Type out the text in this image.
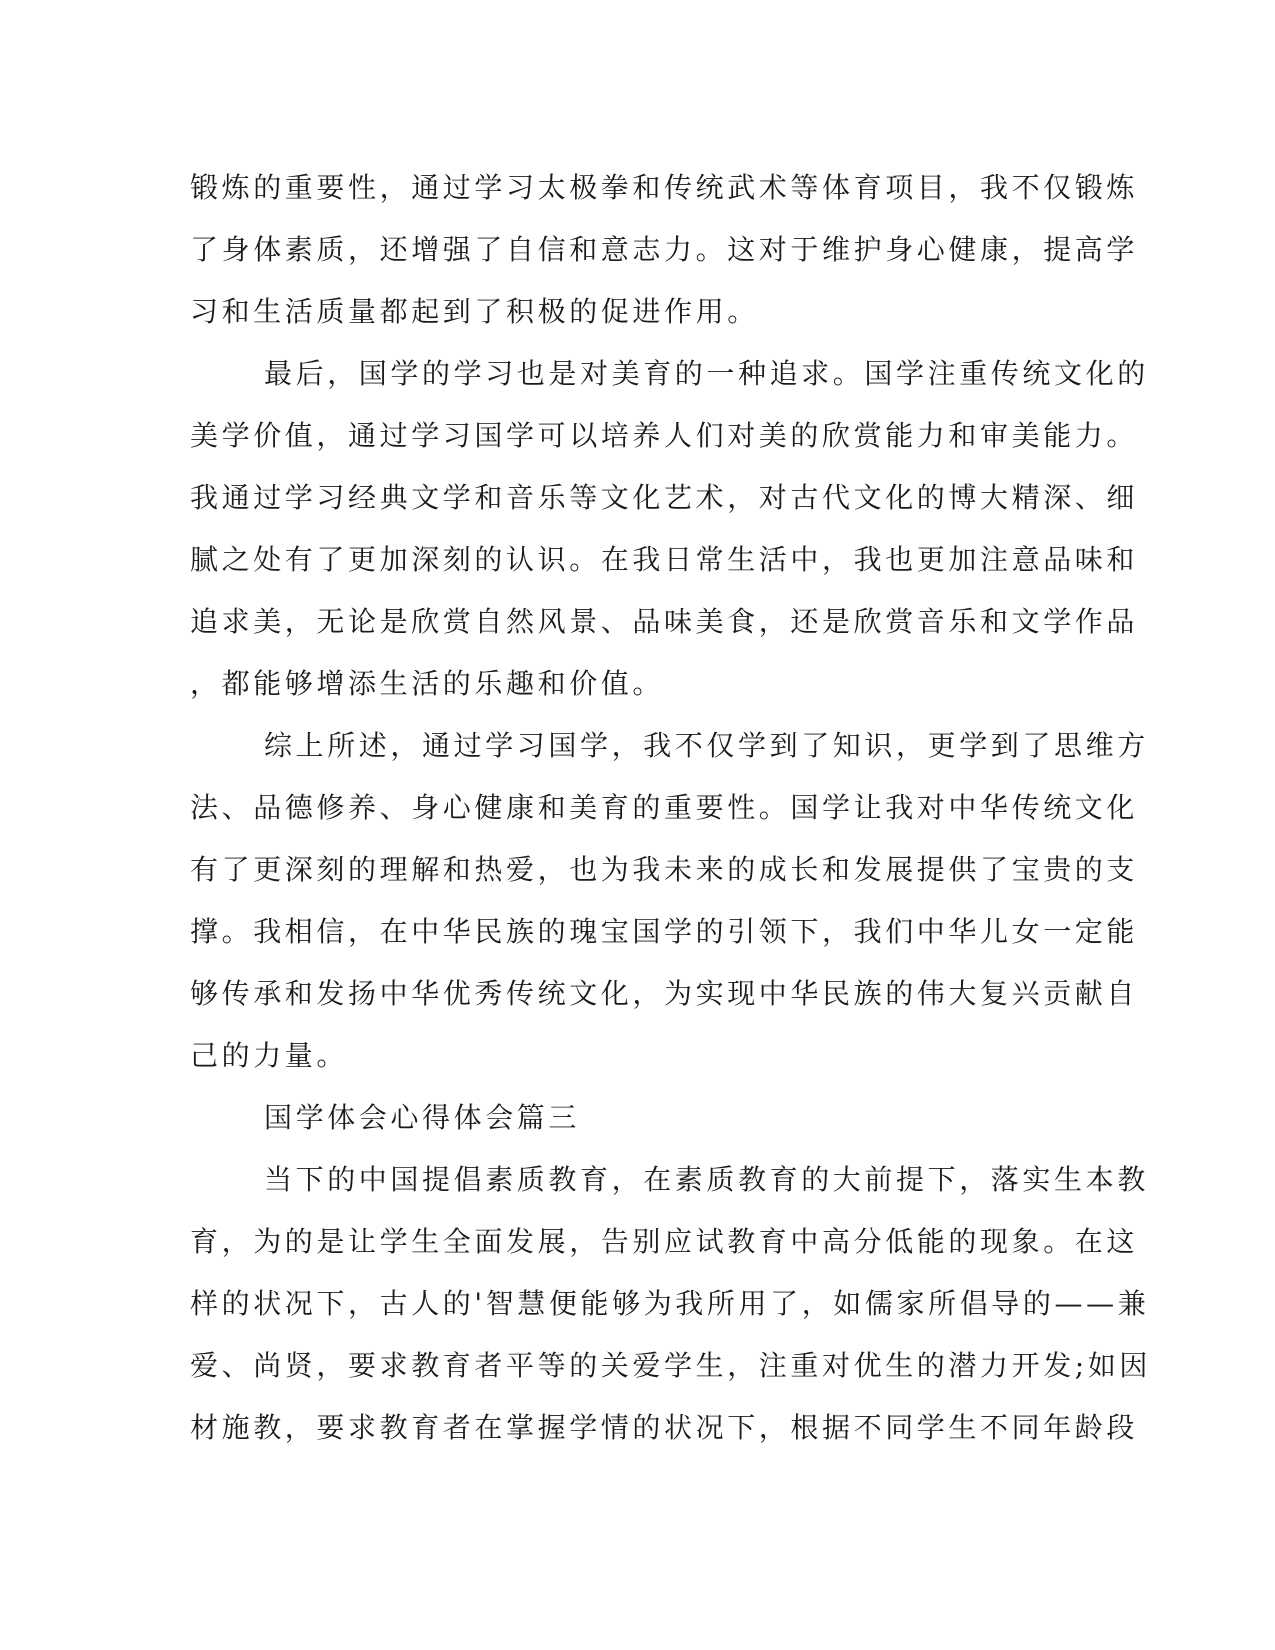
锻炼的重要性，通过学习太极拳和传统武术等体育项目，我不仅锻炼
了身体素质，还增强了自信和意志力。这对于维护身心健康，提高学
习和生活质量都起到了积极的促进作用。
最后，国学的学习也是对美育的一种追求。国学注重传统文化的
美学价值，通过学习国学可以培养人们对美的欣赏能力和审美能力。
我通过学习经典文学和音乐等文化艺术，对古代文化的博大精深、细
腻之处有了更加深刻的认识。在我日常生活中，我也更加注意品味和
追求美，无论是欣赏自然风景、品味美食，还是欣赏音乐和文学作品
，都能够增添生活的乐趣和价值。
综上所述，通过学习国学，我不仅学到了知识，更学到了思维方
法、品德修养、身心健康和美育的重要性。国学让我对中华传统文化
有了更深刻的理解和热爱，也为我未来的成长和发展提供了宝贵的支
撑。我相信，在中华民族的瑰宝国学的引领下，我们中华儿女一定能
够传承和发扬中华优秀传统文化，为实现中华民族的伟大复兴贡献自
己的力量。
国学体会心得体会篇三
当下的中国提倡素质教育，在素质教育的大前提下，落实生本教
育，为的是让学生全面发展，告别应试教育中高分低能的现象。在这
样的状况下，古人的'智慧便能够为我所用了，如儒家所倡导的——兼
爱、尚贤，要求教育者平等的关爱学生，注重对优生的潜力开发;如因
材施教，要求教育者在掌握学情的状况下，根据不同学生不同年龄段
